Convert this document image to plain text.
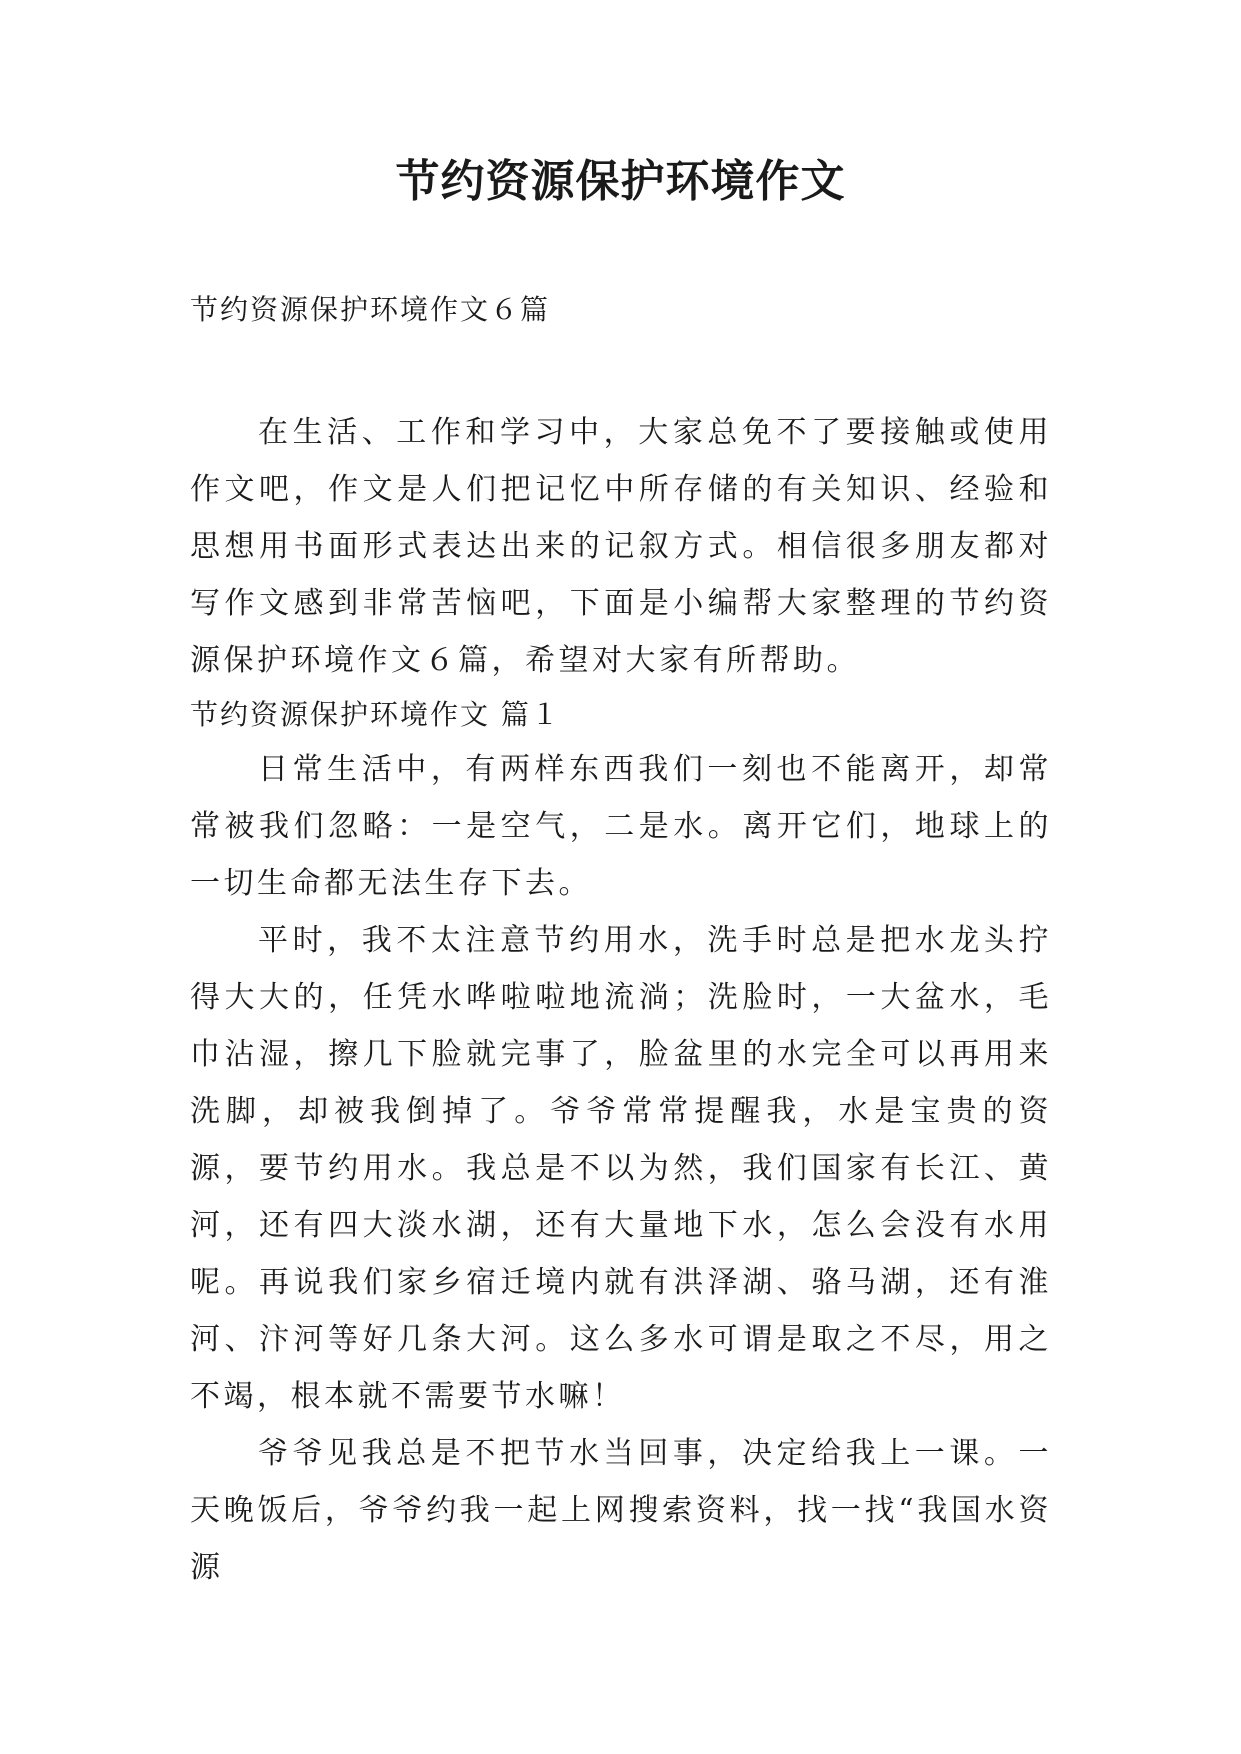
节约资源保护环境作文

节约资源保护环境作文６篇

在生活、工作和学习中，大家总免不了要接触或使用作文吧，作文是人们把记忆中所存储的有关知识、经验和思想用书面形式表达出来的记叙方式。相信很多朋友都对写作文感到非常苦恼吧，下面是小编帮大家整理的节约资源保护环境作文６篇，希望对大家有所帮助。

节约资源保护环境作文 篇１

日常生活中，有两样东西我们一刻也不能离开，却常常被我们忽略：一是空气，二是水。离开它们，地球上的一切生命都无法生存下去。

平时，我不太注意节约用水，洗手时总是把水龙头拧得大大的，任凭水哗啦啦地流淌；洗脸时，一大盆水，毛巾沾湿，擦几下脸就完事了，脸盆里的水完全可以再用来洗脚，却被我倒掉了。爷爷常常提醒我，水是宝贵的资源，要节约用水。我总是不以为然，我们国家有长江、黄河，还有四大淡水湖，还有大量地下水，怎么会没有水用呢。再说我们家乡宿迁境内就有洪泽湖、骆马湖，还有淮河、汴河等好几条大河。这么多水可谓是取之不尽，用之不竭，根本就不需要节水嘛！

爷爷见我总是不把节水当回事，决定给我上一课。一天晚饭后，爷爷约我一起上网搜索资料，找一找“我国水资源
